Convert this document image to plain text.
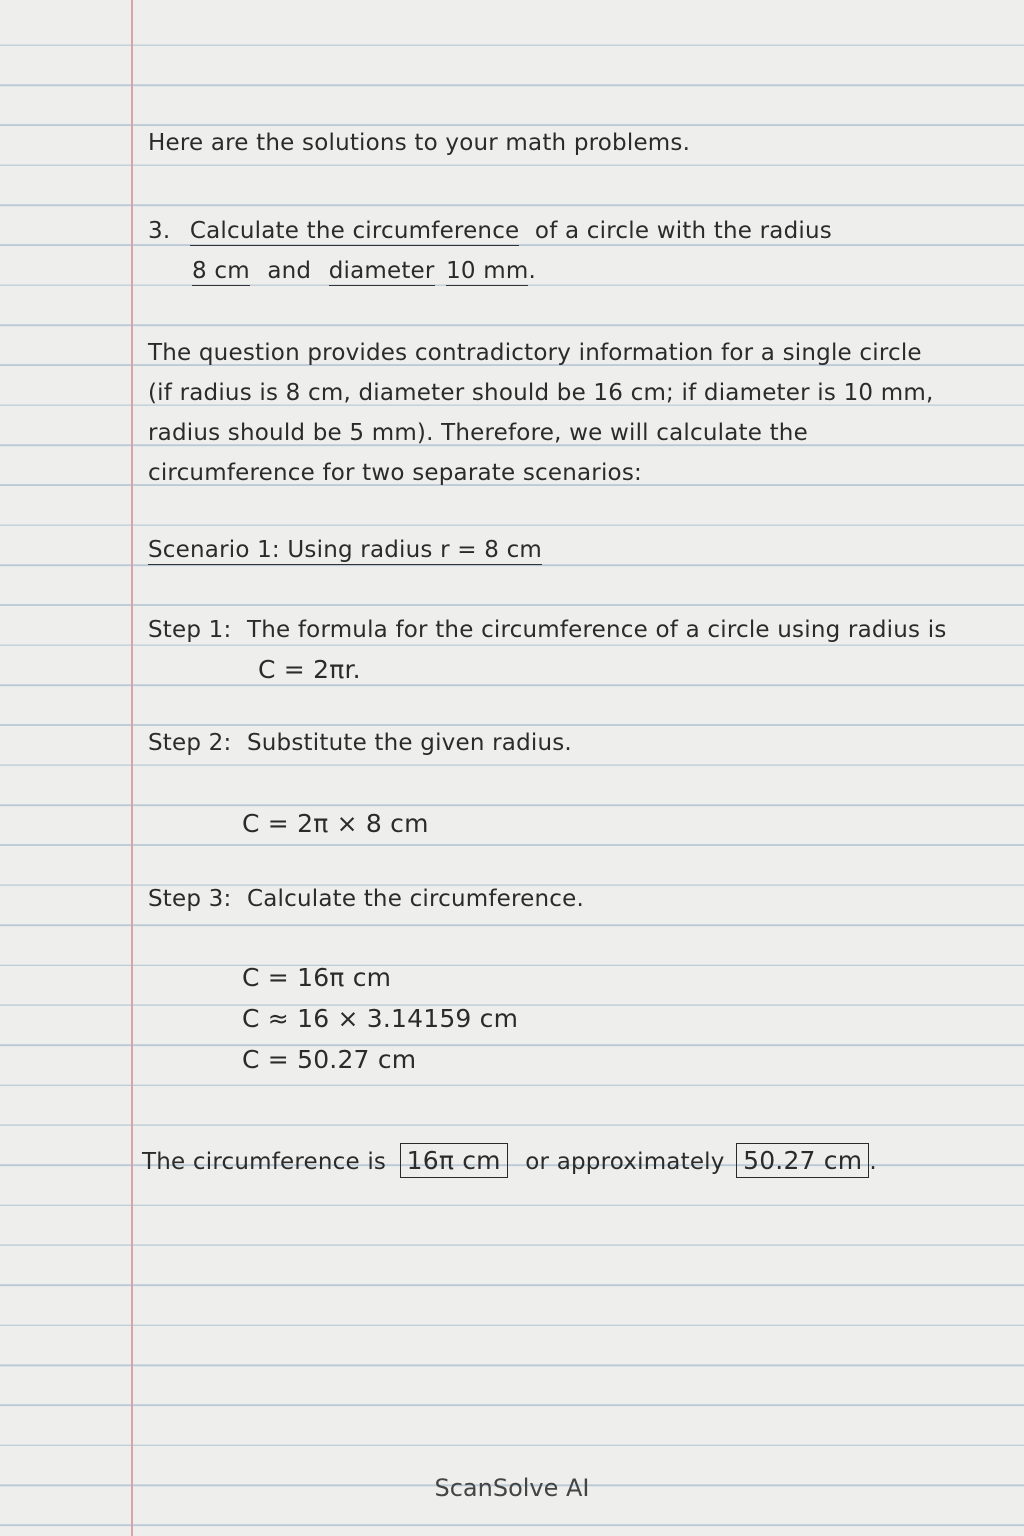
Here are the solutions to your math problems.

3. Calculate the circumference of a circle with the radius

8 cm and diameter 10 mm.

The question provides contradictory information for a single circle

(if radius is 8 cm, diameter should be 16 cm; if diameter is 10 mm,

radius should be 5 mm). Therefore, we will calculate the

circumference for two separate scenarios:

Scenario 1: Using radius r = 8 cm

Step 1: The formula for the circumference of a circle using radius is

C = 2πr.

Step 2: Substitute the given radius.

C = 2π × 8 cm

Step 3: Calculate the circumference.

C = 16π cm

C ≈ 16 × 3.14159 cm

C = 50.27 cm

The circumference is 16π cm or approximately 50.27 cm .

ScanSolve AI
